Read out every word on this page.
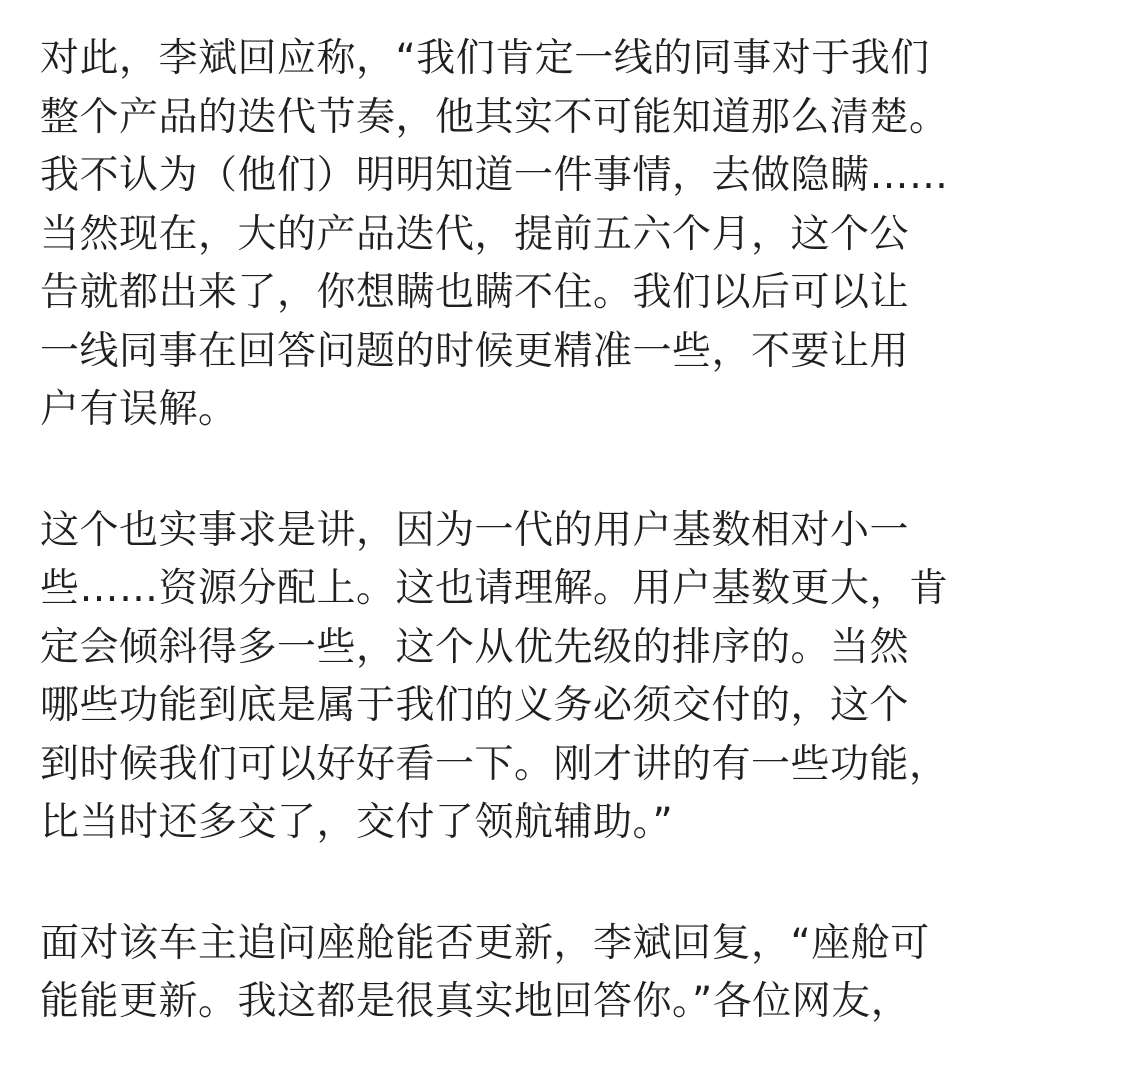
对此，李斌回应称，“我们肯定一线的同事对于我们
整个产品的迭代节奏，他其实不可能知道那么清楚。
我不认为（他们）明明知道一件事情，去做隐瞒……
当然现在，大的产品迭代，提前五六个月，这个公
告就都出来了，你想瞒也瞒不住。我们以后可以让
一线同事在回答问题的时候更精准一些，不要让用
户有误解。
这个也实事求是讲，因为一代的用户基数相对小一
些……资源分配上。这也请理解。用户基数更大，肯
定会倾斜得多一些，这个从优先级的排序的。当然
哪些功能到底是属于我们的义务必须交付的，这个
到时候我们可以好好看一下。刚才讲的有一些功能，
比当时还多交了，交付了领航辅助。”
面对该车主追问座舱能否更新，李斌回复，“座舱可
能能更新。我这都是很真实地回答你。”各位网友，
